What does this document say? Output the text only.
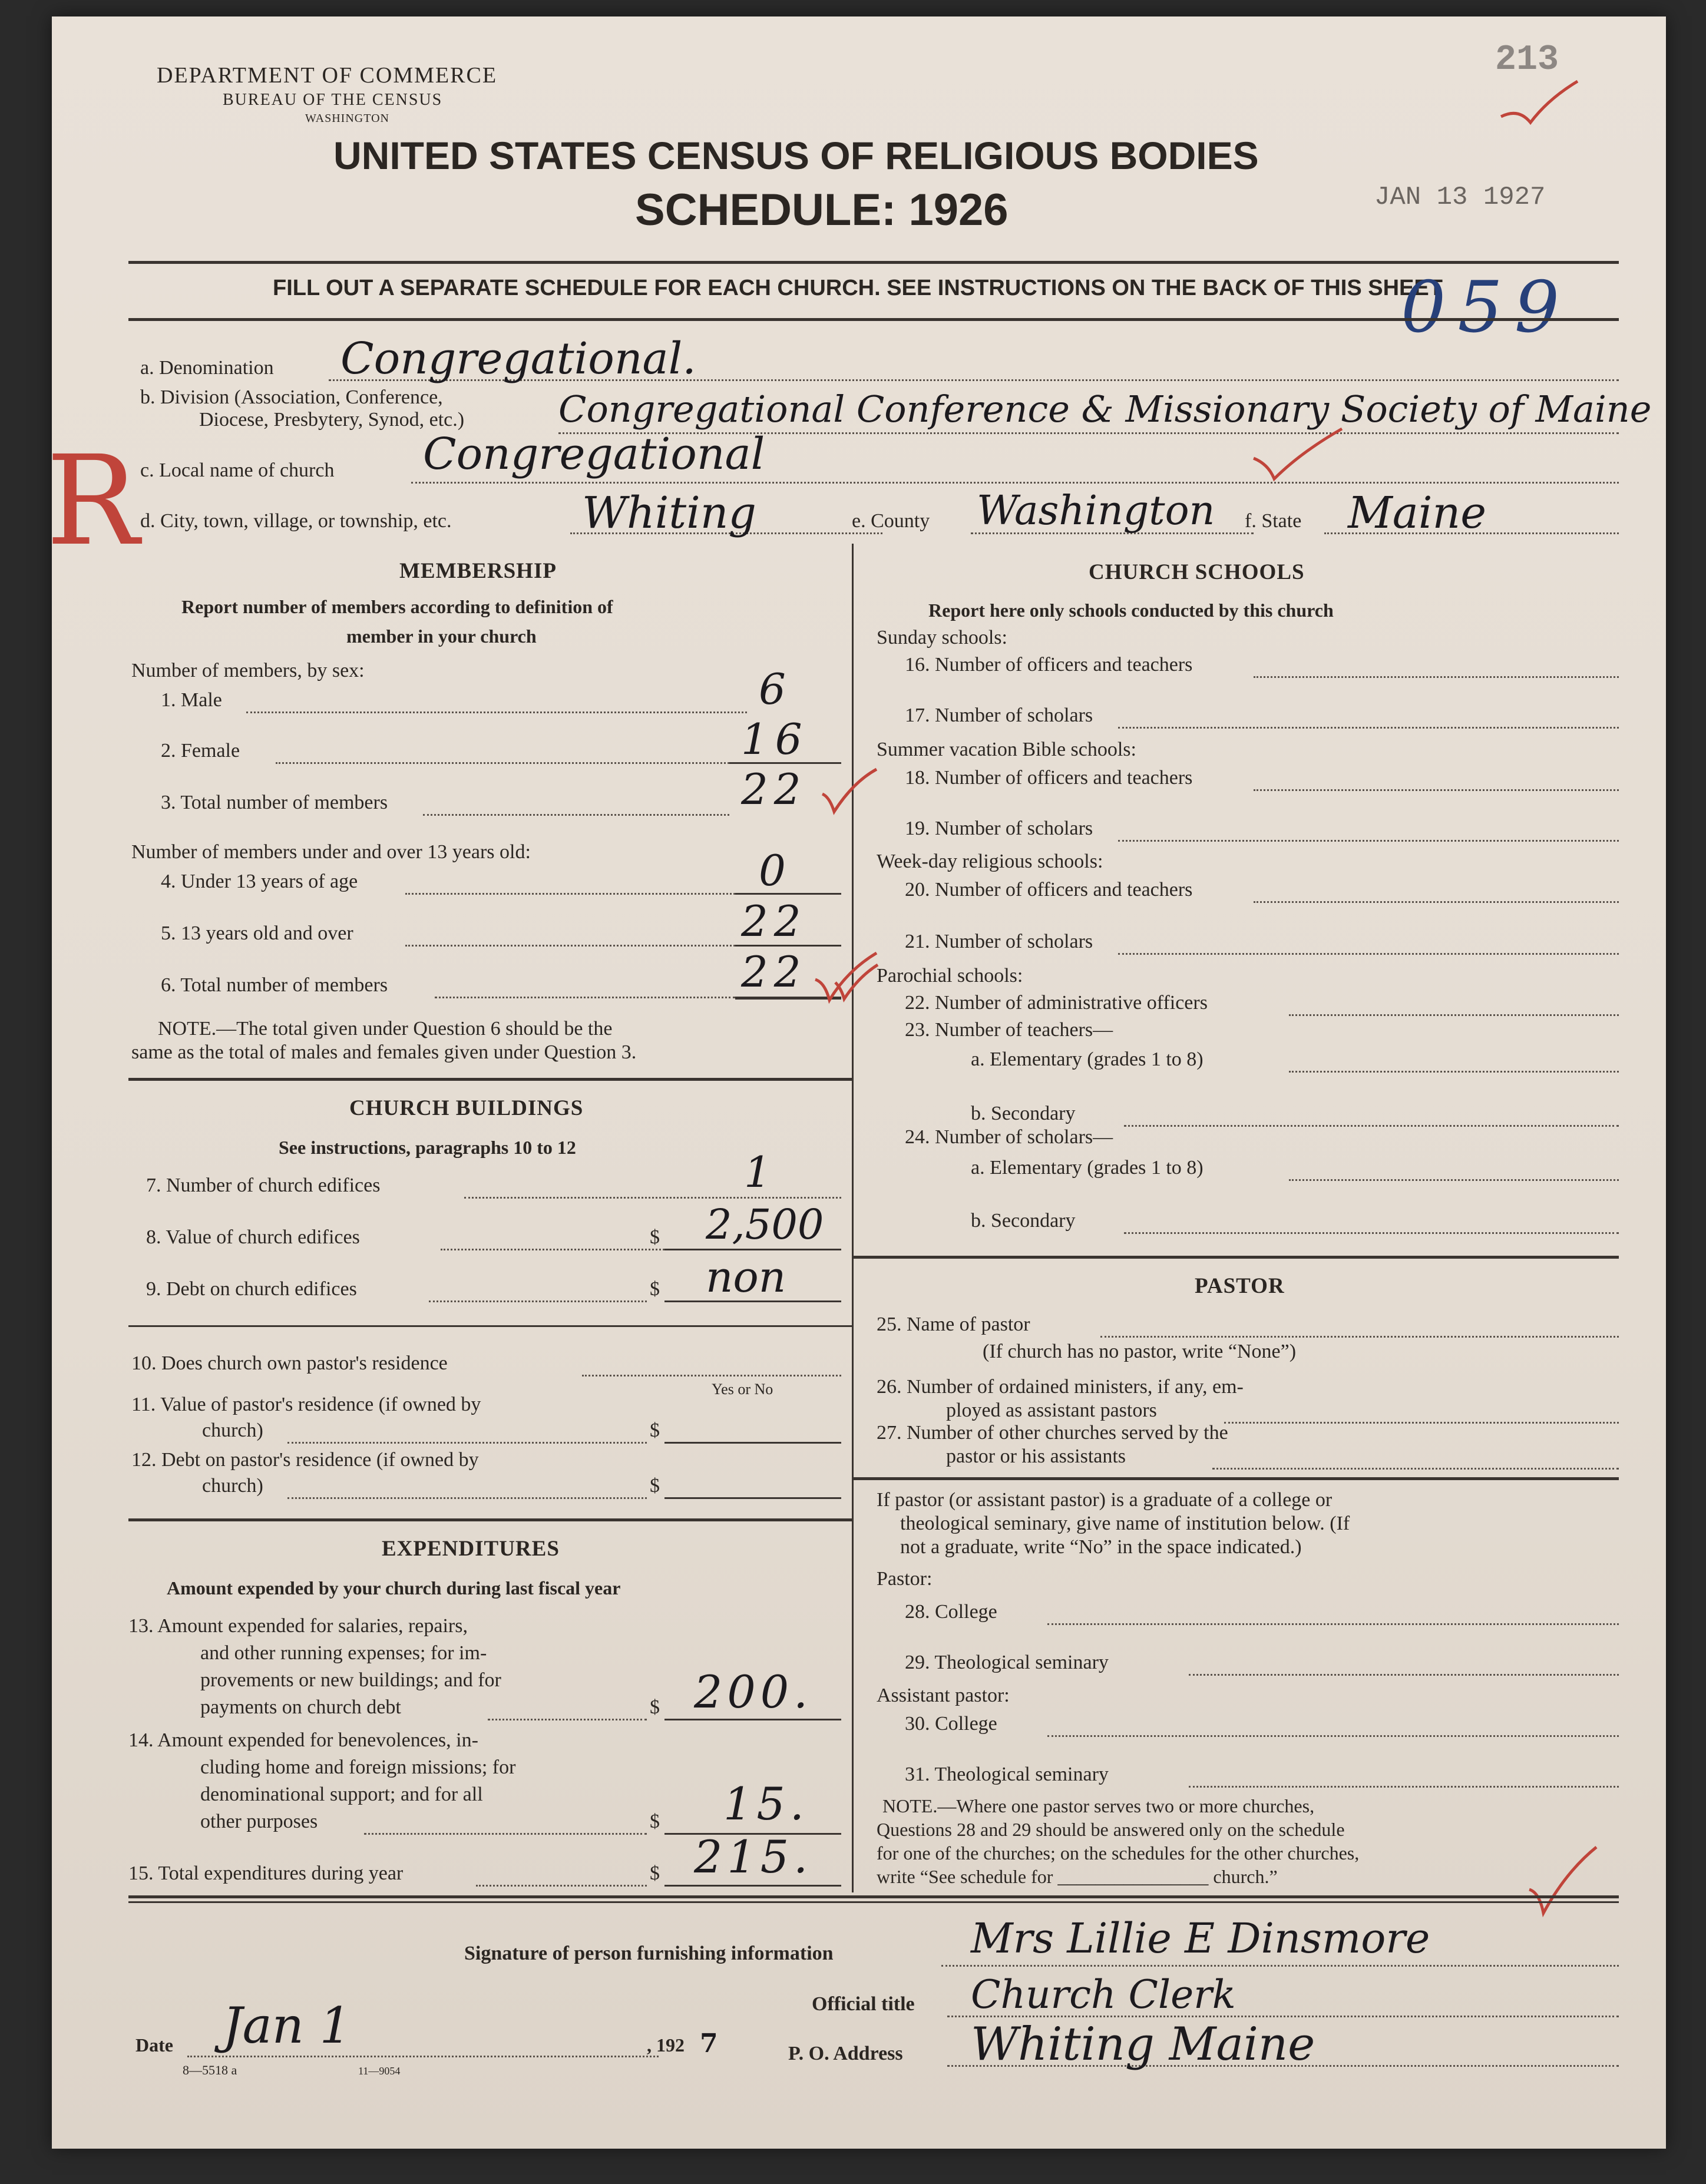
DEPARTMENT OF COMMERCE
BUREAU OF THE CENSUS
WASHINGTON
UNITED STATES CENSUS OF RELIGIOUS BODIES
SCHEDULE: 1926	JAN 13 1927
213
FILL OUT A SEPARATE SCHEDULE FOR EACH CHURCH. SEE INSTRUCTIONS ON THE BACK OF THIS SHEET
059
a. Denomination Congregational.
b. Division (Association, Conference,
Diocese, Presbytery, Synod, etc.)	Congregational Conference & Missionary Society of Maine
c. Local name of church Congregational
R d. City, town, village, or township, etc.	Whiting	e. County Washington f. State Maine
MEMBERSHIP
Report number of members according to definition of
member in your church
Number of members, by sex:
1. Male	6
2. Female	16
3. Total number of members	22
Number of members under and over 13 years old:
4. Under 13 years of age	0
5. 13 years old and over	22
6. Total number of members	22
NOTE.—The total given under Question 6 should be the
same as the total of males and females given under Question 3.
CHURCH BUILDINGS
See instructions, paragraphs 10 to 12
7. Number of church edifices	1
8. Value of church edifices	$ 2,500
9. Debt on church edifices	$ non
10. Does church own pastor's residence
Yes or No
11. Value of pastor's residence (if owned by
church)	$
12. Debt on pastor's residence (if owned by
church)	$
EXPENDITURES
Amount expended by your church during last fiscal year
13. Amount expended for salaries, repairs,
and other running expenses; for im-
provements or new buildings; and for
payments on church debt	$ 200.
14. Amount expended for benevolences, in-
cluding home and foreign missions; for
denominational support; and for all
other purposes	$ 15.
15. Total expenditures during year	$ 215.
CHURCH SCHOOLS
Report here only schools conducted by this church
Sunday schools:
16. Number of officers and teachers
17. Number of scholars
Summer vacation Bible schools:
18. Number of officers and teachers
19. Number of scholars
Week-day religious schools:
20. Number of officers and teachers
21. Number of scholars
Parochial schools:
22. Number of administrative officers
23. Number of teachers—
a. Elementary (grades 1 to 8)
b. Secondary
24. Number of scholars—
a. Elementary (grades 1 to 8)
b. Secondary
PASTOR
25. Name of pastor
(If church has no pastor, write “None”)
26. Number of ordained ministers, if any, em-
ployed as assistant pastors
27. Number of other churches served by the
pastor or his assistants
If pastor (or assistant pastor) is a graduate of a college or
theological seminary, give name of institution below. (If
not a graduate, write “No” in the space indicated.)
Pastor:
28. College
29. Theological seminary
Assistant pastor:
30. College
31. Theological seminary
NOTE.—Where one pastor serves two or more churches,
Questions 28 and 29 should be answered only on the schedule
for one of the churches; on the schedules for the other churches,
write “See schedule for ________________ church.”
Signature of person furnishing information	Mrs Lillie E Dinsmore
Official title Church Clerk
Date Jan 1	, 192 7	P. O. Address Whiting Maine
8—5518 a	11—9054
